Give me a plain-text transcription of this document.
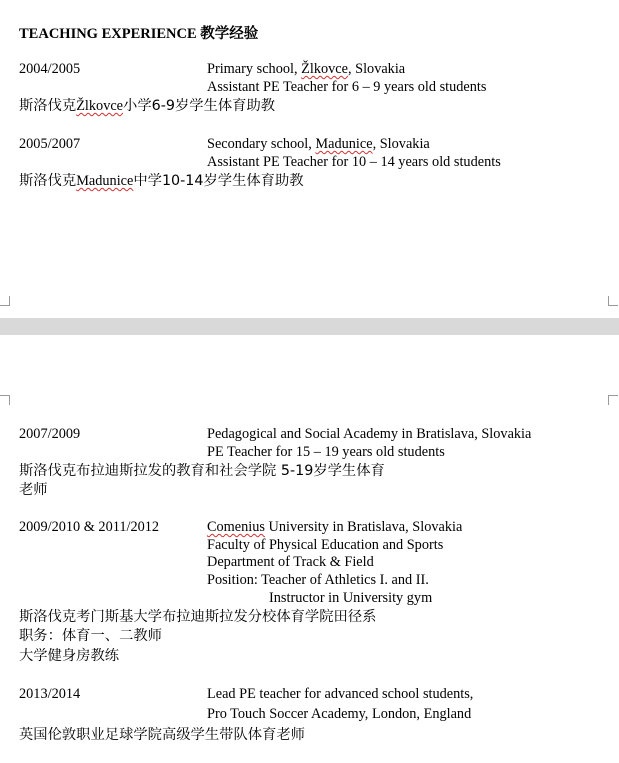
TEACHING EXPERIENCE 教学经验
2004/2005	Primary school, Žlkovce, Slovakia
Assistant PE Teacher for 6 – 9 years old students
斯洛伐克Žlkovce小学6-9岁学生体育助教
2005/2007	Secondary school, Madunice, Slovakia
Assistant PE Teacher for 10 – 14 years old students
斯洛伐克Madunice中学10-14岁学生体育助教
2007/2009	Pedagogical and Social Academy in Bratislava, Slovakia
PE Teacher for 15 – 19 years old students
斯洛伐克布拉迪斯拉发的教育和社会学院 5-19岁学生体育
老师
2009/2010 & 2011/2012	Comenius University in Bratislava, Slovakia
Faculty of Physical Education and Sports
Department of Track & Field
Position: Teacher of Athletics I. and II.
Instructor in University gym
斯洛伐克考门斯基大学布拉迪斯拉发分校体育学院田径系
职务：体育一、二教师
大学健身房教练
2013/2014	Lead PE teacher for advanced school students,
Pro Touch Soccer Academy, London, England
英国伦敦职业足球学院高级学生带队体育老师
